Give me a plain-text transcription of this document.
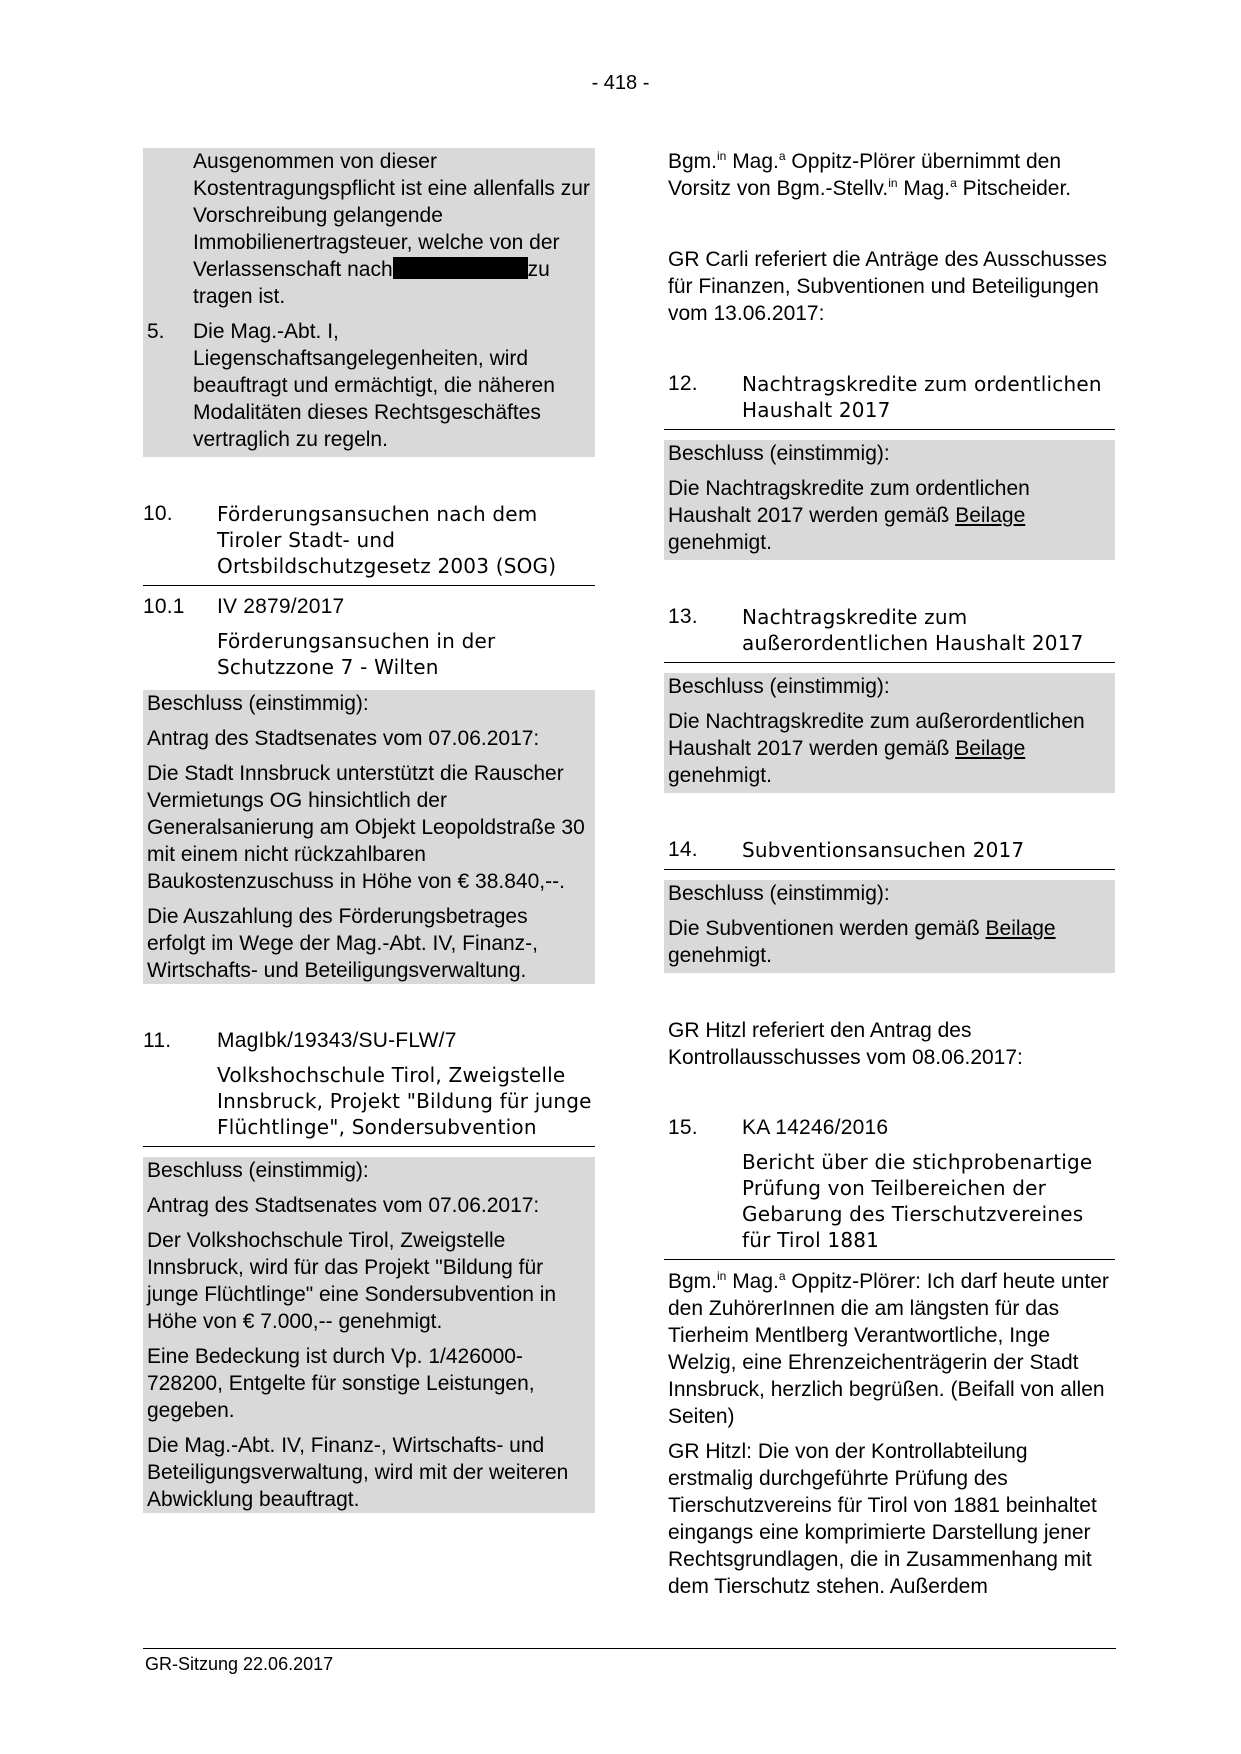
- 418 -
Ausgenommen von dieser Kostentragungspflicht ist eine allenfalls zur Vorschreibung gelangende Immobilienertragsteuer, welche von der Verlassenschaft nach	zu tragen ist.
5.	Die Mag.-Abt. I, Liegenschaftsangelegenheiten, wird beauftragt und ermächtigt, die näheren Modalitäten dieses Rechtsgeschäftes vertraglich zu regeln.
10.	Förderungsansuchen nach dem Tiroler Stadt- und Ortsbildschutzgesetz 2003 (SOG)
10.1	IV 2879/2017
Förderungsansuchen in der Schutzzone 7 - Wilten
Beschluss (einstimmig):
Antrag des Stadtsenates vom 07.06.2017:
Die Stadt Innsbruck unterstützt die Rauscher Vermietungs OG hinsichtlich der Generalsanierung am Objekt Leopoldstraße 30 mit einem nicht rückzahlbaren Baukostenzuschuss in Höhe von € 38.840,--.
Die Auszahlung des Förderungsbetrages erfolgt im Wege der Mag.-Abt. IV, Finanz-, Wirtschafts- und Beteiligungsverwaltung.
11.	MagIbk/19343/SU-FLW/7
Volkshochschule Tirol, Zweigstelle Innsbruck, Projekt "Bildung für junge Flüchtlinge", Sondersubvention
Beschluss (einstimmig):
Antrag des Stadtsenates vom 07.06.2017:
Der Volkshochschule Tirol, Zweigstelle Innsbruck, wird für das Projekt "Bildung für junge Flüchtlinge" eine Sondersubvention in Höhe von € 7.000,-- genehmigt.
Eine Bedeckung ist durch Vp. 1/426000-728200, Entgelte für sonstige Leistungen, gegeben.
Die Mag.-Abt. IV, Finanz-, Wirtschafts- und Beteiligungsverwaltung, wird mit der weiteren Abwicklung beauftragt.
Bgm.$^{in}$ Mag.$^a$ Oppitz-Plörer übernimmt den Vorsitz von Bgm.-Stellv.$^{in}$ Mag.$^a$ Pitscheider.
GR Carli referiert die Anträge des Ausschusses für Finanzen, Subventionen und Beteiligungen vom 13.06.2017:
12.	Nachtragskredite zum ordentlichen Haushalt 2017
Beschluss (einstimmig):
Die Nachtragskredite zum ordentlichen Haushalt 2017 werden gemäß Beilage genehmigt.
13.	Nachtragskredite zum außerordentlichen Haushalt 2017
Beschluss (einstimmig):
Die Nachtragskredite zum außerordentlichen Haushalt 2017 werden gemäß Beilage genehmigt.
14.	Subventionsansuchen 2017
Beschluss (einstimmig):
Die Subventionen werden gemäß Beilage genehmigt.
GR Hitzl referiert den Antrag des Kontrollausschusses vom 08.06.2017:
15.	KA 14246/2016
Bericht über die stichprobenartige Prüfung von Teilbereichen der Gebarung des Tierschutzvereines für Tirol 1881
Bgm.$^{in}$ Mag.$^a$ Oppitz-Plörer: Ich darf heute unter den ZuhörerInnen die am längsten für das Tierheim Mentlberg Verantwortliche, Inge Welzig, eine Ehrenzeichenträgerin der Stadt Innsbruck, herzlich begrüßen. (Beifall von allen Seiten)
GR Hitzl: Die von der Kontrollabteilung erstmalig durchgeführte Prüfung des Tierschutzvereins für Tirol von 1881 beinhaltet eingangs eine komprimierte Darstellung jener Rechtsgrundlagen, die in Zusammenhang mit dem Tierschutz stehen. Außerdem
GR-Sitzung 22.06.2017
